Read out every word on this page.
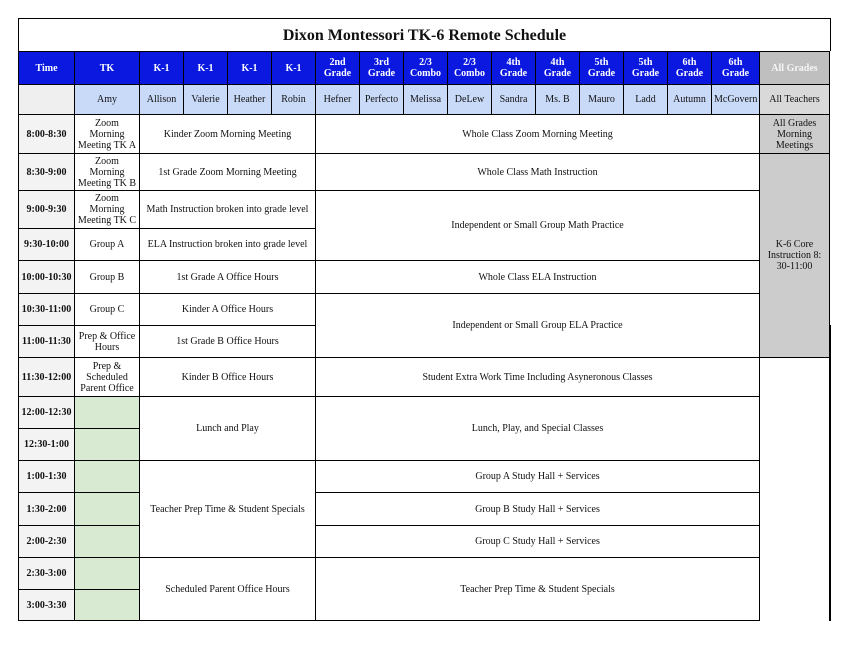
Dixon Montessori TK-6 Remote Schedule
Time	TK	K-1	K-1	K-1	K-1	2nd Grade	3rd Grade	2/3 Combo	2/3 Combo	4th Grade	4th Grade	5th Grade	5th Grade	6th Grade	6th Grade	All Grades	
	Amy	Allison	Valerie	Heather	Robin	Hefner	Perfecto	Melissa	DeLew	Sandra	Ms. B	Mauro	Ladd	Autumn	McGovern	All Teachers	
8:00-8:30	Zoom Morning Meeting TK A	Kinder Zoom Morning Meeting				Whole Class Zoom Morning Meeting										All Grades Morning Meetings	
8:30-9:00	Zoom Morning Meeting TK B	1st Grade Zoom Morning Meeting				Whole Class Math Instruction										K-6 Core Instruction 8: 30-11:00	
9:00-9:30	Zoom Morning Meeting TK C	Math Instruction broken into grade level				Independent or Small Group Math Practice											
9:30-10:00	Group A	ELA Instruction broken into grade level															
10:00-10:30	Group B	1st Grade A Office Hours				Whole Class ELA Instruction											
10:30-11:00	Group C	Kinder A Office Hours				Independent or Small Group ELA Practice											
11:00-11:30	Prep & Office Hours	1st Grade B Office Hours	
11:30-12:00	Prep & Scheduled Parent Office	Kinder B Office Hours				Student Extra Work Time Including Asyneronous Classes											
12:00-12:30		Lunch and Play				Lunch, Play, and Special Classes											
12:30-1:00																	
1:00-1:30		Teacher Prep Time & Student Specials				Group A Study Hall + Services											
1:30-2:00						Group B Study Hall + Services											
2:00-2:30						Group C Study Hall + Services											
2:30-3:00		Scheduled Parent Office Hours				Teacher Prep Time & Student Specials											
3:00-3:30																	
